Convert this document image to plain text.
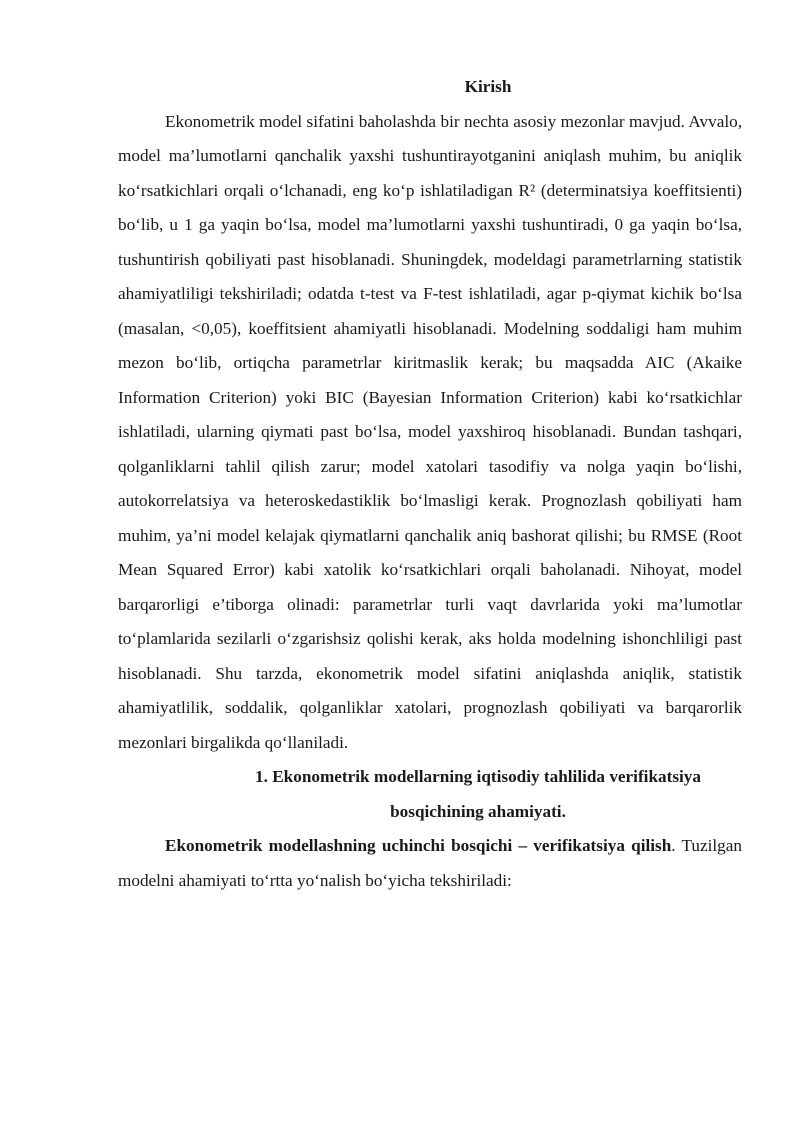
Kirish

Ekonometrik model sifatini baholashda bir nechta asosiy mezonlar mavjud. Avvalo, model ma’lumotlarni qanchalik yaxshi tushuntirayotganini aniqlash muhim, bu aniqlik ko‘rsatkichlari orqali o‘lchanadi, eng ko‘p ishlatiladigan R² (determinatsiya koeffitsienti) bo‘lib, u 1 ga yaqin bo‘lsa, model ma’lumotlarni yaxshi tushuntiradi, 0 ga yaqin bo‘lsa, tushuntirish qobiliyati past hisoblanadi. Shuningdek, modeldagi parametrlarning statistik ahamiyatliligi tekshiriladi; odatda t-test va F-test ishlatiladi, agar p-qiymat kichik bo‘lsa (masalan, <0,05), koeffitsient ahamiyatli hisoblanadi. Modelning soddaligi ham muhim mezon bo‘lib, ortiqcha parametrlar kiritmaslik kerak; bu maqsadda AIC (Akaike Information Criterion) yoki BIC (Bayesian Information Criterion) kabi ko‘rsatkichlar ishlatiladi, ularning qiymati past bo‘lsa, model yaxshiroq hisoblanadi. Bundan tashqari, qolganliklarni tahlil qilish zarur; model xatolari tasodifiy va nolga yaqin bo‘lishi, autokorrelatsiya va heteroskedastiklik bo‘lmasligi kerak. Prognozlash qobiliyati ham muhim, ya’ni model kelajak qiymatlarni qanchalik aniq bashorat qilishi; bu RMSE (Root Mean Squared Error) kabi xatolik ko‘rsatkichlari orqali baholanadi. Nihoyat, model barqarorligi e’tiborga olinadi: parametrlar turli vaqt davrlarida yoki ma’lumotlar to‘plamlarida sezilarli o‘zgarishsiz qolishi kerak, aks holda modelning ishonchliligi past hisoblanadi. Shu tarzda, ekonometrik model sifatini aniqlashda aniqlik, statistik ahamiyatlilik, soddalik, qolganliklar xatolari, prognozlash qobiliyati va barqarorlik mezonlari birgalikda qo‘llaniladi.

1. Ekonometrik modellarning iqtisodiy tahlilida verifikatsiya bosqichining ahamiyati.

Ekonometrik modellashning uchinchi bosqichi – verifikatsiya qilish. Tuzilgan modelni ahamiyati to‘rtta yo‘nalish bo‘yicha tekshiriladi:
